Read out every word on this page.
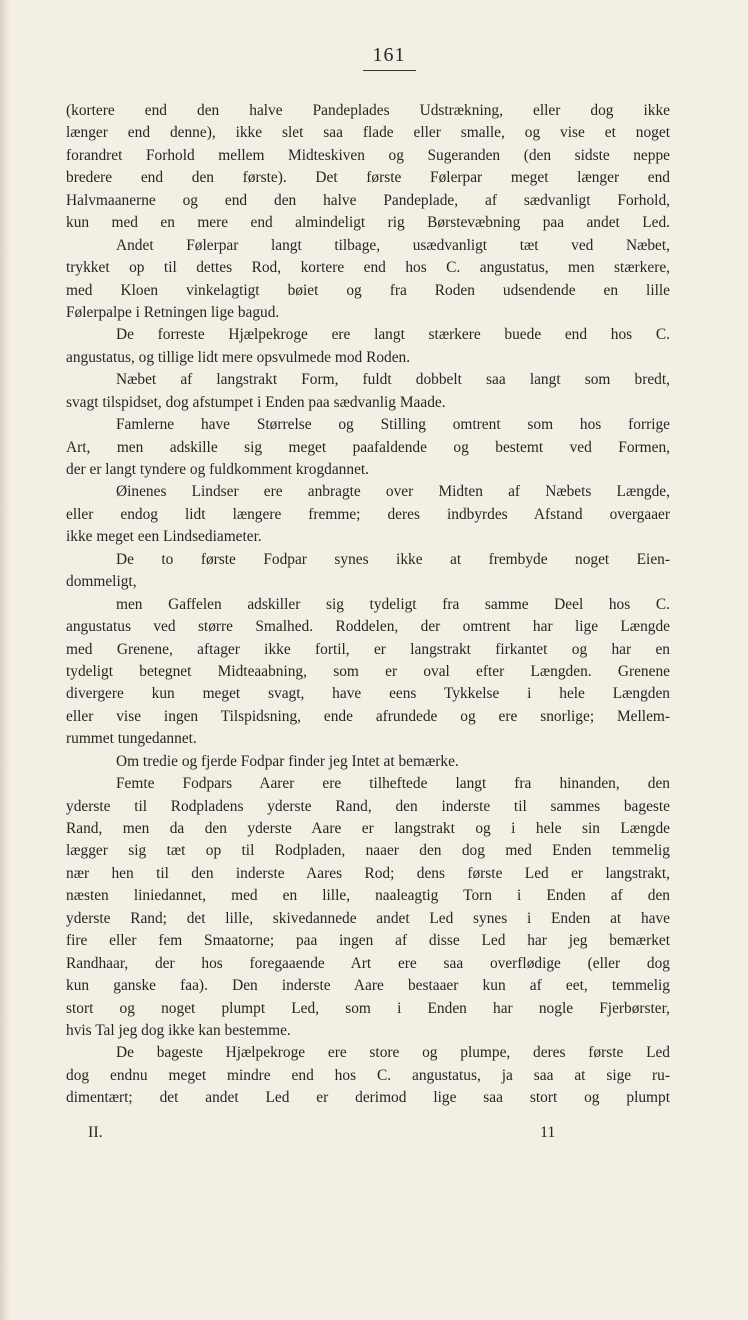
161
(kortere end den halve Pandeplades Udstrækning, eller dog ikke
længer end denne), ikke slet saa flade eller smalle, og vise et noget
forandret Forhold mellem Midteskiven og Sugeranden (den sidste neppe
bredere end den første). Det første Følerpar meget længer end
Halvmaanerne og end den halve Pandeplade, af sædvanligt Forhold,
kun med en mere end almindeligt rig Børstevæbning paa andet Led.
Andet Følerpar langt tilbage, usædvanligt tæt ved Næbet,
trykket op til dettes Rod, kortere end hos C. angustatus, men stærkere,
med Kloen vinkelagtigt bøiet og fra Roden udsendende en lille
Følerpalpe i Retningen lige bagud.
De forreste Hjælpekroge ere langt stærkere buede end hos C.
angustatus, og tillige lidt mere opsvulmede mod Roden.
Næbet af langstrakt Form, fuldt dobbelt saa langt som bredt,
svagt tilspidset, dog afstumpet i Enden paa sædvanlig Maade.
Famlerne have Størrelse og Stilling omtrent som hos forrige
Art, men adskille sig meget paafaldende og bestemt ved Formen,
der er langt tyndere og fuldkomment krogdannet.
Øinenes Lindser ere anbragte over Midten af Næbets Længde,
eller endog lidt længere fremme; deres indbyrdes Afstand overgaaer
ikke meget een Lindsediameter.
De to første Fodpar synes ikke at frembyde noget Eien-
dommeligt,
men Gaffelen adskiller sig tydeligt fra samme Deel hos C.
angustatus ved større Smalhed. Roddelen, der omtrent har lige Længde
med Grenene, aftager ikke fortil, er langstrakt firkantet og har en
tydeligt betegnet Midteaabning, som er oval efter Længden. Grenene
divergere kun meget svagt, have eens Tykkelse i hele Længden
eller vise ingen Tilspidsning, ende afrundede og ere snorlige; Mellem-
rummet tungedannet.
Om tredie og fjerde Fodpar finder jeg Intet at bemærke.
Femte Fodpars Aarer ere tilheftede langt fra hinanden, den
yderste til Rodpladens yderste Rand, den inderste til sammes bageste
Rand, men da den yderste Aare er langstrakt og i hele sin Længde
lægger sig tæt op til Rodpladen, naaer den dog med Enden temmelig
nær hen til den inderste Aares Rod; dens første Led er langstrakt,
næsten liniedannet, med en lille, naaleagtig Torn i Enden af den
yderste Rand; det lille, skivedannede andet Led synes i Enden at have
fire eller fem Smaatorne; paa ingen af disse Led har jeg bemærket
Randhaar, der hos foregaaende Art ere saa overflødige (eller dog
kun ganske faa). Den inderste Aare bestaaer kun af eet, temmelig
stort og noget plumpt Led, som i Enden har nogle Fjerbørster,
hvis Tal jeg dog ikke kan bestemme.
De bageste Hjælpekroge ere store og plumpe, deres første Led
dog endnu meget mindre end hos C. angustatus, ja saa at sige ru-
dimentært; det andet Led er derimod lige saa stort og plumpt
II.	11
